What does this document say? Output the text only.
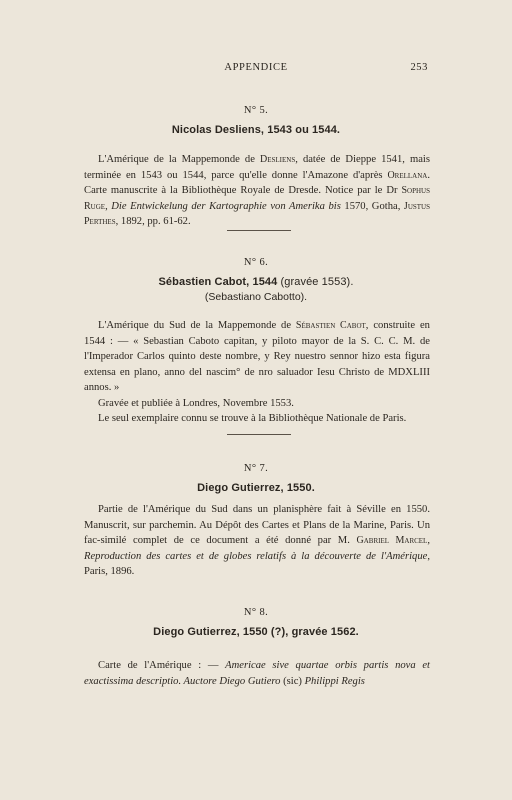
APPENDICE	253
N° 5.
Nicolas Desliens, 1543 ou 1544.

L'Amérique de la Mappemonde de Desliens, datée de Dieppe 1541, mais terminée en 1543 ou 1544, parce qu'elle donne l'Amazone d'après Orellana. Carte manuscrite à la Bibliothèque Royale de Dresde. Notice par le Dr Sophus Ruge, Die Entwickelung der Kartographie von Amerika bis 1570, Gotha, Justus Perthes, 1892, pp. 61-62.

N° 6.
Sébastien Cabot, 1544 (gravée 1553).
(Sebastiano Cabotto).

L'Amérique du Sud de la Mappemonde de Sébastien Cabot, construite en 1544 : — « Sebastian Caboto capitan, y piloto mayor de la S. C. C. M. de l'Imperador Carlos quinto deste nombre, y Rey nuestro sennor hizo esta figura extensa en plano, anno del nascim° de nro saluador Iesu Christo de MDXLIII annos. »

Gravée et publiée à Londres, Novembre 1553.

Le seul exemplaire connu se trouve à la Bibliothèque Nationale de Paris.

N° 7.
Diego Gutierrez, 1550.

Partie de l'Amérique du Sud dans un planisphère fait à Séville en 1550. Manuscrit, sur parchemin. Au Dépôt des Cartes et Plans de la Marine, Paris. Un fac-similé complet de ce document a été donné par M. Gabriel Marcel, Reproduction des cartes et de globes relatifs à la découverte de l'Amérique, Paris, 1896.

N° 8.
Diego Gutierrez, 1550 (?), gravée 1562.

Carte de l'Amérique : — Americae sive quartae orbis partis nova et exactissima descriptio. Auctore Diego Gutiero (sic) Philippi Regis
